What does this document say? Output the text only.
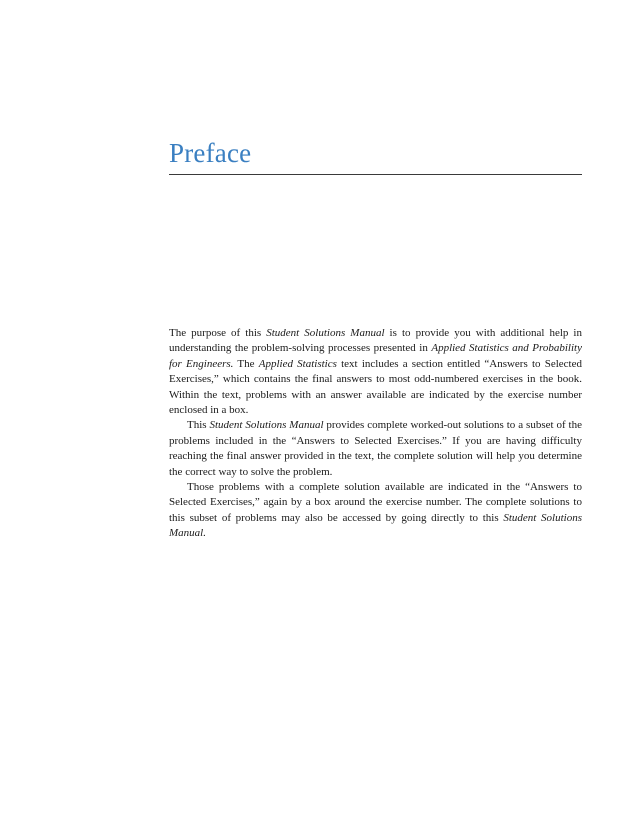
Preface

The purpose of this Student Solutions Manual is to provide you with additional help in understanding the problem-solving processes presented in Applied Statistics and Probability for Engineers. The Applied Statistics text includes a section entitled “Answers to Selected Exercises,” which contains the final answers to most odd-numbered exercises in the book. Within the text, problems with an answer available are indicated by the exercise number enclosed in a box.

This Student Solutions Manual provides complete worked-out solutions to a subset of the problems included in the “Answers to Selected Exercises.” If you are having difficulty reaching the final answer provided in the text, the complete solution will help you determine the correct way to solve the problem.

Those problems with a complete solution available are indicated in the “Answers to Selected Exercises,” again by a box around the exercise number. The complete solutions to this subset of problems may also be accessed by going directly to this Student Solutions Manual.
